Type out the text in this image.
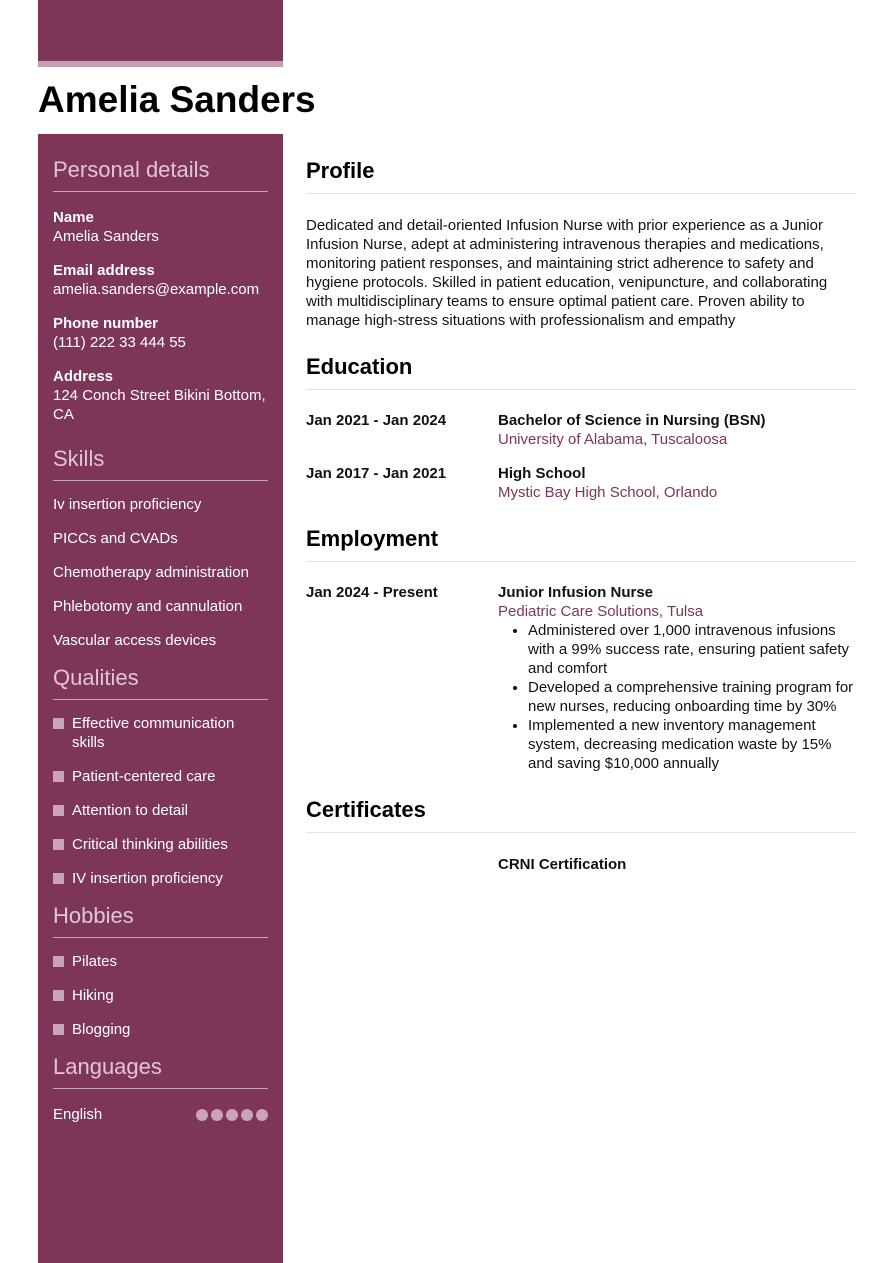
Amelia Sanders
Personal details
Name
Amelia Sanders
Email address
amelia.sanders@example.com
Phone number
(111) 222 33 444 55
Address
124 Conch Street Bikini Bottom, CA
Skills
Iv insertion proficiency
PICCs and CVADs
Chemotherapy administration
Phlebotomy and cannulation
Vascular access devices
Qualities
Effective communication skills
Patient-centered care
Attention to detail
Critical thinking abilities
IV insertion proficiency
Hobbies
Pilates
Hiking
Blogging
Languages
English
Profile

Dedicated and detail-oriented Infusion Nurse with prior experience as a Junior Infusion Nurse, adept at administering intravenous therapies and medications, monitoring patient responses, and maintaining strict adherence to safety and hygiene protocols. Skilled in patient education, venipuncture, and collaborating with multidisciplinary teams to ensure optimal patient care. Proven ability to manage high-stress situations with professionalism and empathy

Education
Jan 2021 - Jan 2024	Bachelor of Science in Nursing (BSN)
University of Alabama, Tuscaloosa
Jan 2017 - Jan 2021	High School
Mystic Bay High School, Orlando
Employment
Jan 2024 - Present	Junior Infusion Nurse
Pediatric Care Solutions, Tulsa
• Administered over 1,000 intravenous infusions with a 99% success rate, ensuring patient safety and comfort
• Developed a comprehensive training program for new nurses, reducing onboarding time by 30%
• Implemented a new inventory management system, decreasing medication waste by 15% and saving $10,000 annually
Certificates
CRNI Certification
